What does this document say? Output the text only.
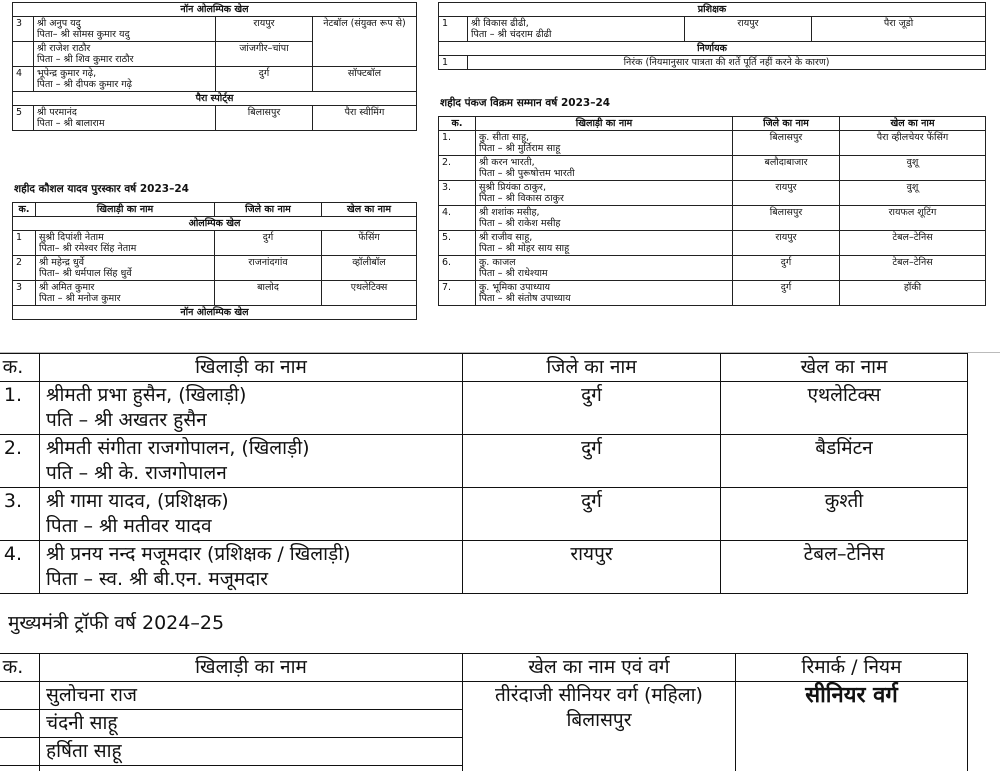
नॉन ओलम्पिक खेल			
3	श्री अनुप यदु
पिता– श्री सोमस कुमार यदु	रायपुर	नेटबॉल (संयुक्त रूप से)

	श्री राजेश राठौर
पिता – श्री शिव कुमार राठौर	जांजगीर–चांपा	
4	भूपेन्द्र कुमार गढ़े,
पिता – श्री दीपक कुमार गढ़े	दुर्ग	सॉफ्टबॉल
पैरा स्पोर्ट्स			
5	श्री परमानंद
पिता – श्री बालाराम	बिलासपुर	पैरा स्वीमिंग
शहीद कौशल यादव पुरस्कार वर्ष 2023–24
क.	खिलाड़ी का नाम	जिले का नाम	खेल का नाम
ओलम्पिक खेल			
1	सुश्री दिपांशी नेताम
पिता– श्री रमेश्वर सिंह नेताम	दुर्ग	फेंसिंग
2	श्री महेन्द्र धुर्वे
पिता– श्री धर्मपाल सिंह धुर्वे	राजनांदगांव	व्हॉलीबॉल
3	श्री अमित कुमार
पिता – श्री मनोज कुमार	बालोद	एथलेटिक्स
नॉन ओलम्पिक खेल			
प्रशिक्षक			
1	श्री विकास ढीढी,
पिता – श्री चंदराम ढीढी	रायपुर	पैरा जूडो
निर्णायक			
1	निरंक (नियमानुसार पात्रता की शर्ते पूर्ति नहीं करने के कारण)		
शहीद पंकज विक्रम सम्मान वर्ष 2023–24
क.	खिलाड़ी का नाम	जिले का नाम	खेल का नाम
1.	कु. सीता साहू,
पिता – श्री मुर्तिराम साहू	बिलासपुर	पैरा व्हीलचेयर फेंसिंग
2.	श्री करन भारती,
पिता – श्री पुरूषोत्तम भारती	बलौदाबाजार	वुशू
3.	सुश्री प्रियंका ठाकुर,
पिता – श्री विकास ठाकुर	रायपुर	वुशू
4.	श्री शशांक मसीह,
पिता – श्री राकेश मसीह	बिलासपुर	रायफल शूटिंग
5.	श्री राजीव साहू,
पिता – श्री मोहर साय साहू	रायपुर	टेबल–टेनिस
6.	कु. काजल
पिता – श्री राधेश्याम	दुर्ग	टेबल–टेनिस
7.	कु. भूमिका उपाध्याय
पिता – श्री संतोष उपाध्याय	दुर्ग	हॉकी
क.	खिलाड़ी का नाम	जिले का नाम	खेल का नाम
1.	श्रीमती प्रभा हुसैन, (खिलाड़ी)
पति – श्री अखतर हुसैन	दुर्ग	एथलेटिक्स
2.	श्रीमती संगीता राजगोपालन, (खिलाड़ी)
पति – श्री के. राजगोपालन	दुर्ग	बैडमिंटन
3.	श्री गामा यादव, (प्रशिक्षक)
पिता – श्री मतीवर यादव	दुर्ग	कुश्ती
4.	श्री प्रनय नन्द मजूमदार (प्रशिक्षक / खिलाड़ी)
पिता – स्व. श्री बी.एन. मजूमदार	रायपुर	टेबल–टेनिस
मुख्यमंत्री ट्रॉफी वर्ष 2024–25
क.	खिलाड़ी का नाम	खेल का नाम एवं वर्ग	रिमार्क / नियम
	सुलोचना राज	तीरंदाजी सीनियर वर्ग (महिला) बिलासपुर	सीनियर वर्ग
	चंदनी साहू		
	हर्षिता साहू		
